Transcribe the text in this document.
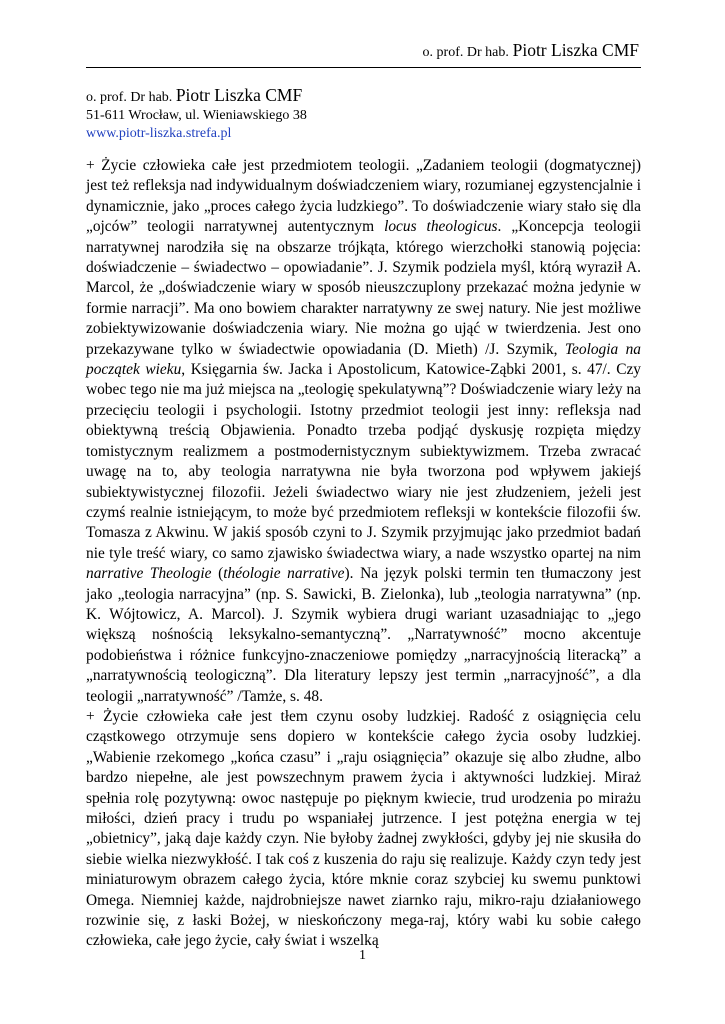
o. prof. Dr hab. Piotr Liszka CMF
o. prof. Dr hab. Piotr Liszka CMF
51-611 Wrocław, ul. Wieniawskiego 38
www.piotr-liszka.strefa.pl

+ Życie człowieka całe jest przedmiotem teologii. „Zadaniem teologii (dogmatycznej) jest też refleksja nad indywidualnym doświadczeniem wiary, rozumianej egzystencjalnie i dynamicznie, jako „proces całego życia ludzkiego”. To doświadczenie wiary stało się dla „ojców” teologii narratywnej autentycznym locus theologicus. „Koncepcja teologii narratywnej narodziła się na obszarze trójkąta, którego wierzchołki stanowią pojęcia: doświadczenie – świadectwo – opowiadanie”. J. Szymik podziela myśl, którą wyraził A. Marcol, że „doświadczenie wiary w sposób nieuszczuplony przekazać można jedynie w formie narracji”. Ma ono bowiem charakter narratywny ze swej natury. Nie jest możliwe zobiektywizowanie doświadczenia wiary. Nie można go ująć w twierdzenia. Jest ono przekazywane tylko w świadectwie opowiadania (D. Mieth) /J. Szymik, Teologia na początek wieku, Księgarnia św. Jacka i Apostolicum, Katowice-Ząbki 2001, s. 47/. Czy wobec tego nie ma już miejsca na „teologię spekulatywną”? Doświadczenie wiary leży na przecięciu teologii i psychologii. Istotny przedmiot teologii jest inny: refleksja nad obiektywną treścią Objawienia. Ponadto trzeba podjąć dyskusję rozpięta między tomistycznym realizmem a postmodernistycznym subiektywizmem. Trzeba zwracać uwagę na to, aby teologia narratywna nie była tworzona pod wpływem jakiejś subiektywistycznej filozofii. Jeżeli świadectwo wiary nie jest złudzeniem, jeżeli jest czymś realnie istniejącym, to może być przedmiotem refleksji w kontekście filozofii św. Tomasza z Akwinu. W jakiś sposób czyni to J. Szymik przyjmując jako przedmiot badań nie tyle treść wiary, co samo zjawisko świadectwa wiary, a nade wszystko opartej na nim narrative Theologie (théologie narrative). Na język polski termin ten tłumaczony jest jako „teologia narracyjna” (np. S. Sawicki, B. Zielonka), lub „teologia narratywna” (np. K. Wójtowicz, A. Marcol). J. Szymik wybiera drugi wariant uzasadniając to „jego większą nośnością leksykalno-semantyczną”. „Narratywność” mocno akcentuje podobieństwa i różnice funkcyjno-znaczeniowe pomiędzy „narracyjnością literacką” a „narratywnością teologiczną”. Dla literatury lepszy jest termin „narracyjność”, a dla teologii „narratywność” /Tamże, s. 48.

+ Życie człowieka całe jest tłem czynu osoby ludzkiej. Radość z osiągnięcia celu cząstkowego otrzymuje sens dopiero w kontekście całego życia osoby ludzkiej. „Wabienie rzekomego „końca czasu” i „raju osiągnięcia” okazuje się albo złudne, albo bardzo niepełne, ale jest powszechnym prawem życia i aktywności ludzkiej. Miraż spełnia rolę pozytywną: owoc następuje po pięknym kwiecie, trud urodzenia po mirażu miłości, dzień pracy i trudu po wspaniałej jutrzence. I jest potężna energia w tej „obietnicy”, jaką daje każdy czyn. Nie byłoby żadnej zwykłości, gdyby jej nie skusiła do siebie wielka niezwykłość. I tak coś z kuszenia do raju się realizuje. Każdy czyn tedy jest miniaturowym obrazem całego życia, które mknie coraz szybciej ku swemu punktowi Omega. Niemniej każde, najdrobniejsze nawet ziarnko raju, mikro-raju działaniowego rozwinie się, z łaski Bożej, w nieskończony mega-raj, który wabi ku sobie całego człowieka, całe jego życie, cały świat i wszelką

1
